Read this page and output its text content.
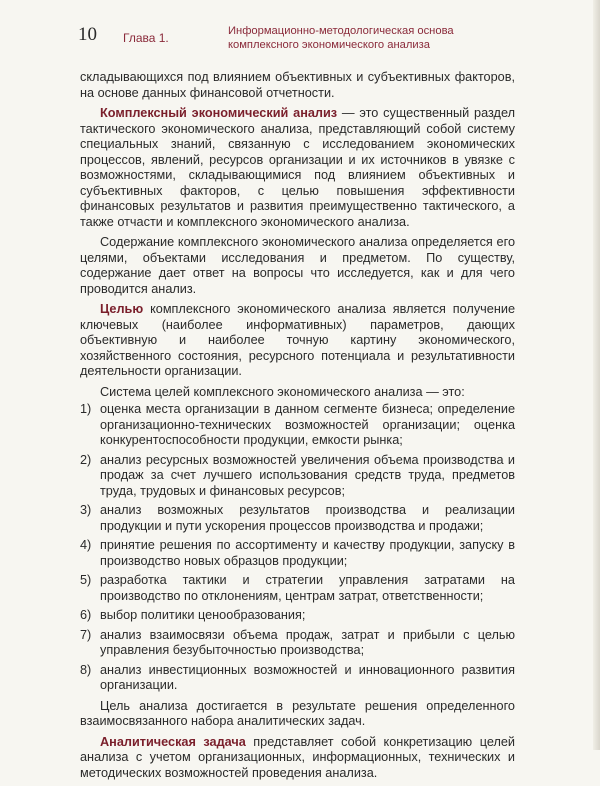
10 Глава 1.	Информационно-методологическая основа
комплексного экономического анализа

складывающихся под влиянием объективных и субъективных факторов, на основе данных финансовой отчетности.

Комплексный экономический анализ — это существенный раздел тактического экономического анализа, представляющий собой систему специальных знаний, связанную с исследованием экономических процессов, явлений, ресурсов организации и их источников в увязке с возможностями, складывающимися под влиянием объективных и субъективных факторов, с целью повышения эффективности финансовых результатов и развития преимущественно тактического, а также отчасти и комплексного экономического анализа.

Содержание комплексного экономического анализа определяется его целями, объектами исследования и предметом. По существу, содержание дает ответ на вопросы что исследуется, как и для чего проводится анализ.

Целью комплексного экономического анализа является получение ключевых (наиболее информативных) параметров, дающих объективную и наиболее точную картину экономического, хозяйственного состояния, ресурсного потенциала и результативности деятельности организации.

Система целей комплексного экономического анализа — это:

1) оценка места организации в данном сегменте бизнеса; определение организационно-технических возможностей организации; оценка конкурентоспособности продукции, емкости рынка;
2) анализ ресурсных возможностей увеличения объема производства и продаж за счет лучшего использования средств труда, предметов труда, трудовых и финансовых ресурсов;
3) анализ возможных результатов производства и реализации продукции и пути ускорения процессов производства и продажи;
4) принятие решения по ассортименту и качеству продукции, запуску в производство новых образцов продукции;
5) разработка тактики и стратегии управления затратами на производство по отклонениям, центрам затрат, ответственности;
6) выбор политики ценообразования;
7) анализ взаимосвязи объема продаж, затрат и прибыли с целью управления безубыточностью производства;
8) анализ инвестиционных возможностей и инновационного развития организации.

Цель анализа достигается в результате решения определенного взаимосвязанного набора аналитических задач.

Аналитическая задача представляет собой конкретизацию целей анализа с учетом организационных, информационных, технических и методических возможностей проведения анализа.
